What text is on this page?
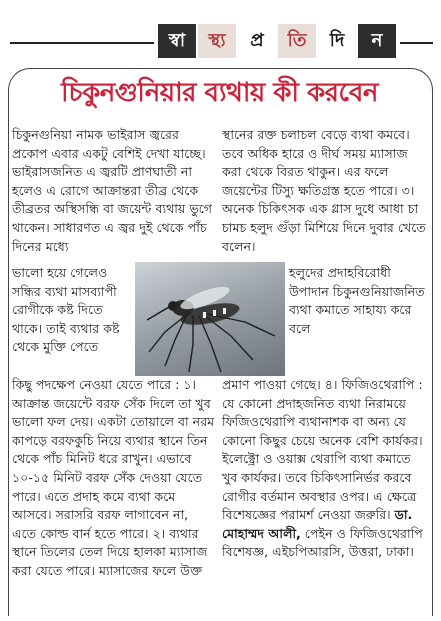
স্বা	স্থ্য	প্র	তি	দি	ন
চিকুনগুনিয়ার ব্যথায় কী করবেন
চিকুনগুনিয়া নামক ভাইরাস জ্বরের প্রকোপ এবার একটু বেশিই দেখা যাচ্ছে। ভাইরাসজনিত এ জ্বরটি প্রাণঘাতী না হলেও এ রোগে আক্রান্তরা তীব্র থেকে তীব্রতর অস্থিসন্ধি বা জয়েন্ট ব্যথায় ভুগে থাকেন। সাধারণত এ জ্বর দুই থেকে পাঁচ দিনের মধ্যে
ভালো হয়ে গেলেও সন্ধির ব্যথা মাসব্যাপী রোগীকে কষ্ট দিতে থাকে। তাই ব্যথার কষ্ট থেকে মুক্তি পেতে
স্থানের রক্ত চলাচল বেড়ে ব্যথা কমবে। তবে অধিক হারে ও দীর্ঘ সময় ম্যাসাজ করা থেকে বিরত থাকুন। এর ফলে জয়েন্টের টিস্যু ক্ষতিগ্রস্ত হতে পারে। ৩। অনেক চিকিৎসক এক গ্লাস দুধে আধা চা চামচ হলুদ গুঁড়া মিশিয়ে দিনে দুবার খেতে বলেন।
হলুদের প্রদাহবিরোধী উপাদান চিকুনগুনিয়াজনিত ব্যথা কমাতে সাহায্য করে বলে
কিছু পদক্ষেপ নেওয়া যেতে পারে : ১। আক্রান্ত জয়েন্টে বরফ সেঁক দিলে তা খুব ভালো ফল দেয়। একটা তোয়ালে বা নরম কাপড়ে বরফকুচি নিয়ে ব্যথার স্থানে তিন থেকে পাঁচ মিনিট ধরে রাখুন। এভাবে ১০-১৫ মিনিট বরফ সেঁক দেওয়া যেতে পারে। এতে প্রদাহ কমে ব্যথা কমে আসবে। সরাসরি বরফ লাগাবেন না, এতে কোল্ড বার্ন হতে পারে। ২। ব্যথার স্থানে তিলের তেল দিয়ে হালকা ম্যাসাজ করা যেতে পারে। ম্যাসাজের ফলে উক্ত
প্রমাণ পাওয়া গেছে। ৪। ফিজিওথেরাপি : যে কোনো প্রদাহজনিত ব্যথা নিরাময়ে ফিজিওথেরাপি ব্যথানাশক বা অন্য যে কোনো কিছুর চেয়ে অনেক বেশি কার্যকর। ইলেক্ট্রো ও ওয়াক্স থেরাপি ব্যথা কমাতে খুব কার্যকর। তবে চিকিৎসানির্ভর করবে রোগীর বর্তমান অবস্থার ওপর। এ ক্ষেত্রে বিশেষজ্ঞের পরামর্শ নেওয়া জরুরি। ডা. মোহাম্মদ আলী, পেইন ও ফিজিওথেরাপি বিশেষজ্ঞ, এইচপিআরসি, উত্তরা, ঢাকা।
